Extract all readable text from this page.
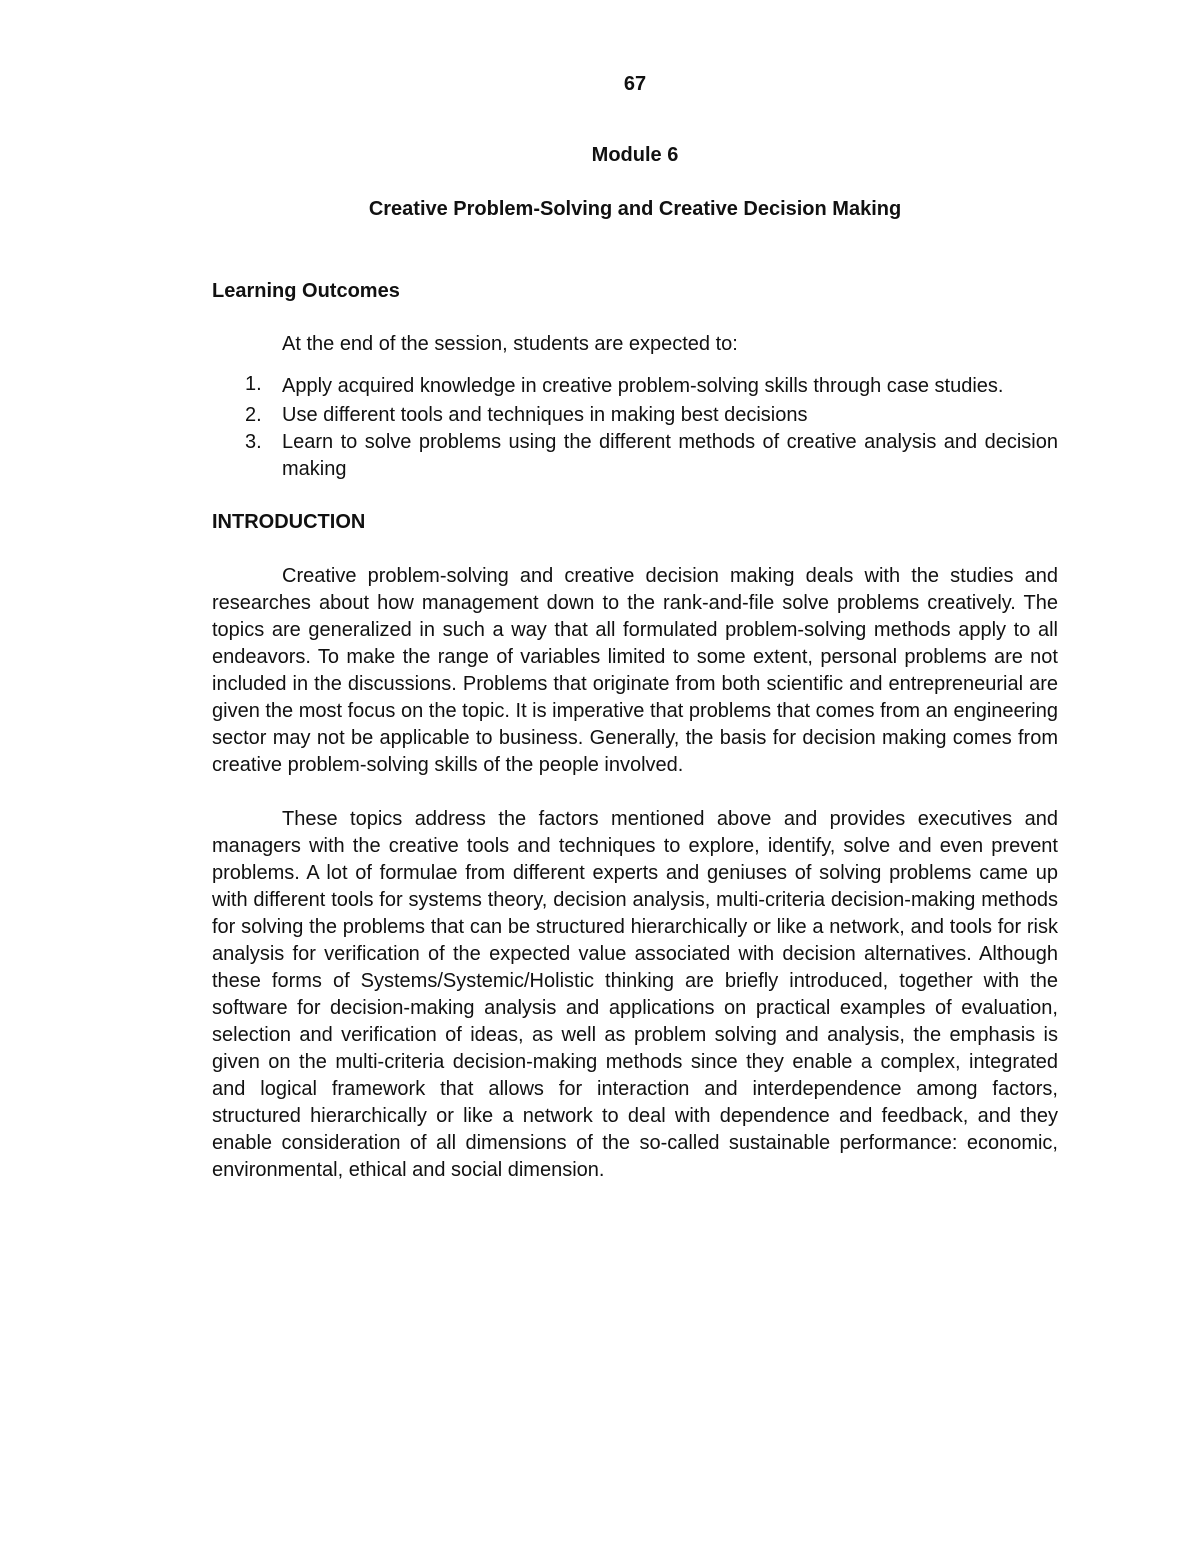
67
Module 6
Creative Problem-Solving and Creative Decision Making

Learning Outcomes

At the end of the session, students are expected to:

1.	Apply acquired knowledge in creative problem-solving skills through case studies.
2.	Use different tools and techniques in making best decisions
3.	Learn to solve problems using the different methods of creative analysis and decision making

INTRODUCTION

Creative problem-solving and creative decision making deals with the studies and researches about how management down to the rank-and-file solve problems creatively. The topics are generalized in such a way that all formulated problem-solving methods apply to all endeavors. To make the range of variables limited to some extent, personal problems are not included in the discussions. Problems that originate from both scientific and entrepreneurial are given the most focus on the topic. It is imperative that problems that comes from an engineering sector may not be applicable to business. Generally, the basis for decision making comes from creative problem-solving skills of the people involved.

These topics address the factors mentioned above and provides executives and managers with the creative tools and techniques to explore, identify, solve and even prevent problems. A lot of formulae from different experts and geniuses of solving problems came up with different tools for systems theory, decision analysis, multi-criteria decision-making methods for solving the problems that can be structured hierarchically or like a network, and tools for risk analysis for verification of the expected value associated with decision alternatives. Although these forms of Systems/Systemic/Holistic thinking are briefly introduced, together with the software for decision-making analysis and applications on practical examples of evaluation, selection and verification of ideas, as well as problem solving and analysis, the emphasis is given on the multi-criteria decision-making methods since they enable a complex, integrated and logical framework that allows for interaction and interdependence among factors, structured hierarchically or like a network to deal with dependence and feedback, and they enable consideration of all dimensions of the so-called sustainable performance: economic, environmental, ethical and social dimension.
